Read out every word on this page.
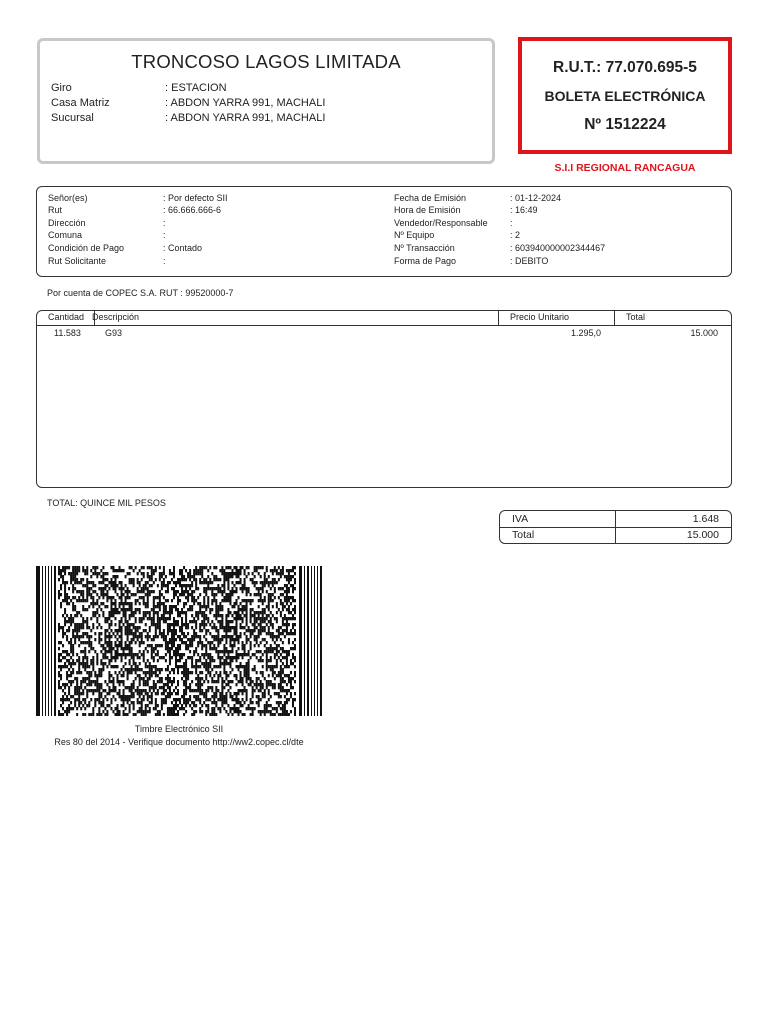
TRONCOSO LAGOS LIMITADA
Giro	: ESTACION
Casa Matriz	: ABDON YARRA 991, MACHALI
Sucursal	: ABDON YARRA 991, MACHALI
R.U.T.: 77.070.695-5
BOLETA ELECTRÓNICA
Nº 1512224
S.I.I REGIONAL RANCAGUA
Señor(es)	: Por defecto SII
Rut	: 66.666.666-6
Dirección	:
Comuna	:
Condición de Pago	: Contado
Rut Solicitante	:
Fecha de Emisión	: 01-12-2024
Hora de Emisión	: 16:49
Vendedor/Responsable :
Nº Equipo	: 2
Nº Transacción	: 603940000002344467
Forma de Pago	: DEBITO
Por cuenta de COPEC S.A. RUT : 99520000-7
Cantidad Descripción	Precio Unitario	Total
11.583	G93	1.295,0	15.000
TOTAL: QUINCE MIL PESOS
IVA	1.648
Total	15.000
Timbre Electrónico SII
Res 80 del 2014 - Verifique documento http://ww2.copec.cl/dte
